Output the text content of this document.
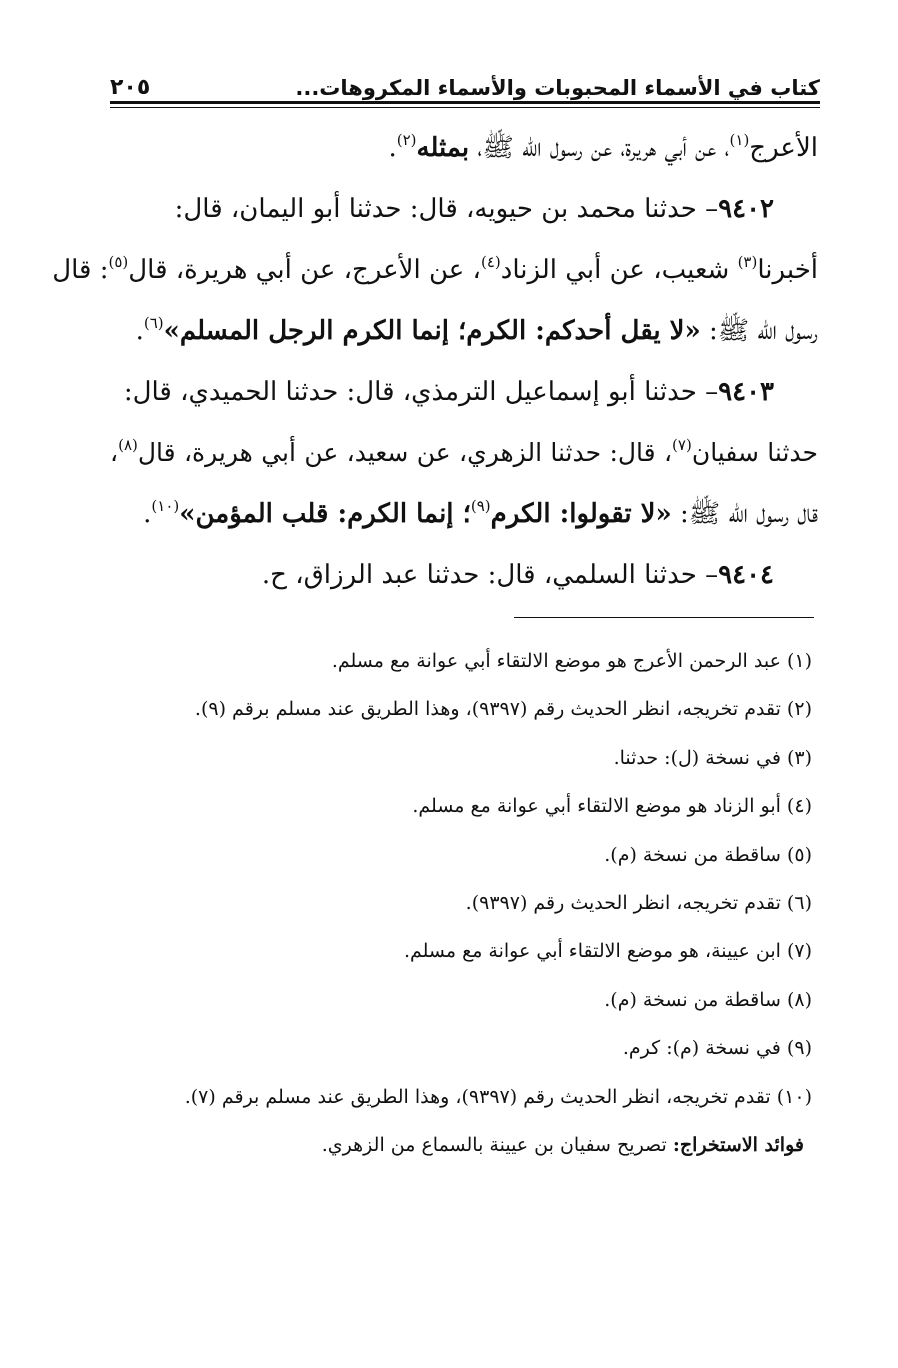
كتاب في الأسماء المحبوبات والأسماء المكروهات...
٢٠٥
الأعرج$^{(١)}$، عن أبي هريرة، عن رسول الله ﷺ، بمثله$^{(٢)}$.
٩٤٠٢– حدثنا محمد بن حيويه، قال: حدثنا أبو اليمان، قال:
أخبرنا$^{(٣)}$ شعيب، عن أبي الزناد$^{(٤)}$، عن الأعرج، عن أبي هريرة، قال$^{(٥)}$: قال
رسول الله ﷺ: «لا يقل أحدكم: الكرم؛ إنما الكرم الرجل المسلم»$^{(٦)}$.
٩٤٠٣– حدثنا أبو إسماعيل الترمذي، قال: حدثنا الحميدي، قال:
حدثنا سفيان$^{(٧)}$، قال: حدثنا الزهري، عن سعيد، عن أبي هريرة، قال$^{(٨)}$،
قال رسول الله ﷺ: «لا تقولوا: الكرم$^{(٩)}$؛ إنما الكرم: قلب المؤمن»$^{(١٠)}$.
٩٤٠٤– حدثنا السلمي، قال: حدثنا عبد الرزاق، ح.
(١) عبد الرحمن الأعرج هو موضع الالتقاء أبي عوانة مع مسلم.
(٢) تقدم تخريجه، انظر الحديث رقم (٩٣٩٧)، وهذا الطريق عند مسلم برقم (٩).
(٣) في نسخة (ل): حدثنا.
(٤) أبو الزناد هو موضع الالتقاء أبي عوانة مع مسلم.
(٥) ساقطة من نسخة (م).
(٦) تقدم تخريجه، انظر الحديث رقم (٩٣٩٧).
(٧) ابن عيينة، هو موضع الالتقاء أبي عوانة مع مسلم.
(٨) ساقطة من نسخة (م).
(٩) في نسخة (م): كرم.
(١٠) تقدم تخريجه، انظر الحديث رقم (٩٣٩٧)، وهذا الطريق عند مسلم برقم (٧).
فوائد الاستخراج: تصريح سفيان بن عيينة بالسماع من الزهري.
